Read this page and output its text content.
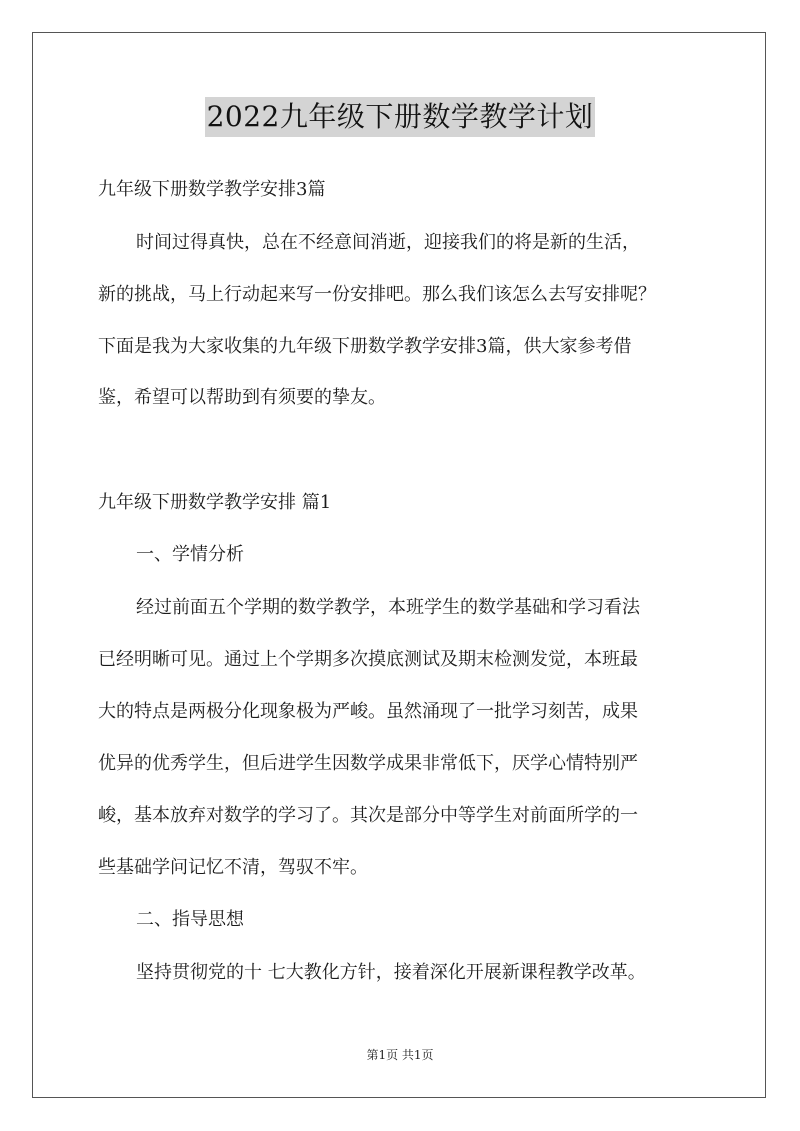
2022九年级下册数学教学计划
九年级下册数学教学安排3篇
时间过得真快，总在不经意间消逝，迎接我们的将是新的生活，
新的挑战，马上行动起来写一份安排吧。那么我们该怎么去写安排呢？
下面是我为大家收集的九年级下册数学教学安排3篇，供大家参考借
鉴，希望可以帮助到有须要的挚友。
九年级下册数学教学安排 篇1
一、学情分析
经过前面五个学期的数学教学，本班学生的数学基础和学习看法
已经明晰可见。通过上个学期多次摸底测试及期末检测发觉，本班最
大的特点是两极分化现象极为严峻。虽然涌现了一批学习刻苦，成果
优异的优秀学生，但后进学生因数学成果非常低下，厌学心情特别严
峻，基本放弃对数学的学习了。其次是部分中等学生对前面所学的一
些基础学问记忆不清，驾驭不牢。
二、指导思想
坚持贯彻党的十 七大教化方针，接着深化开展新课程教学改革。
第1页 共1页
